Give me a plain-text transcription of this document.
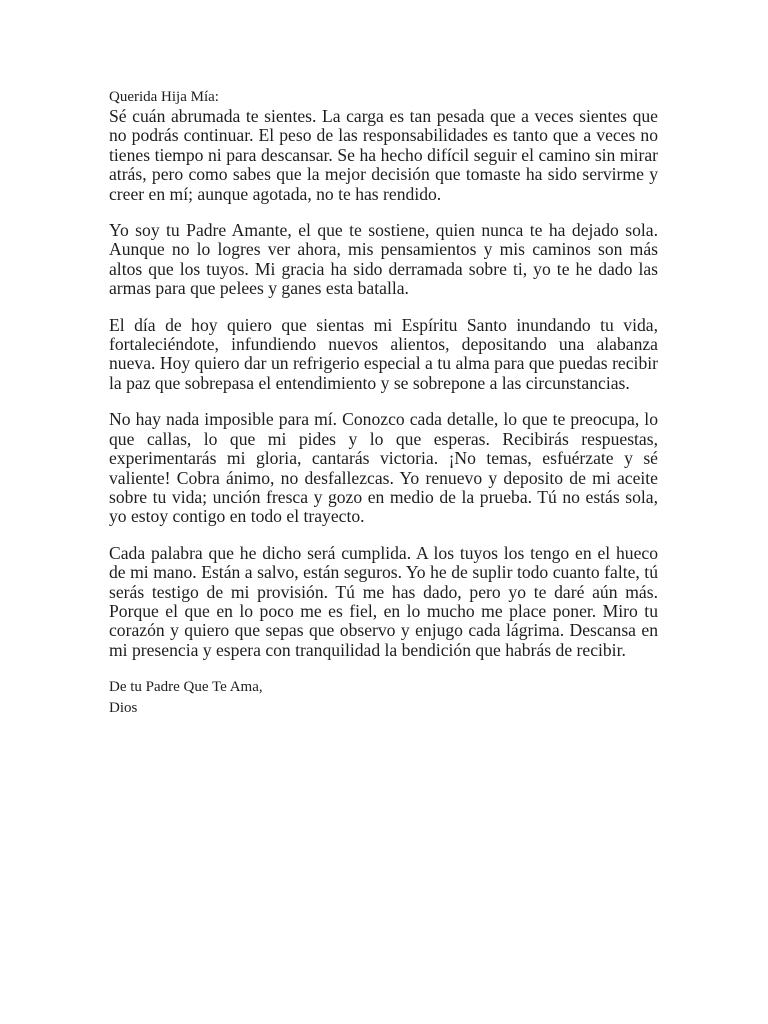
Querida Hija Mía:

Sé cuán abrumada te sientes. La carga es tan pesada que a veces sientes que no podrás continuar. El peso de las responsabilidades es tanto que a veces no tienes tiempo ni para descansar. Se ha hecho difícil seguir el camino sin mirar atrás, pero como sabes que la mejor decisión que tomaste ha sido servirme y creer en mí; aunque agotada, no te has rendido.

Yo soy tu Padre Amante, el que te sostiene, quien nunca te ha dejado sola. Aunque no lo logres ver ahora, mis pensamientos y mis caminos son más altos que los tuyos. Mi gracia ha sido derramada sobre ti, yo te he dado las armas para que pelees y ganes esta batalla.

El día de hoy quiero que sientas mi Espíritu Santo inundando tu vida, fortaleciéndote, infundiendo nuevos alientos, depositando una alabanza nueva. Hoy quiero dar un refrigerio especial a tu alma para que puedas recibir la paz que sobrepasa el entendimiento y se sobrepone a las circunstancias.

No hay nada imposible para mí. Conozco cada detalle, lo que te preocupa, lo que callas, lo que mi pides y lo que esperas. Recibirás respuestas, experimentarás mi gloria, cantarás victoria. ¡No temas, esfuérzate y sé valiente! Cobra ánimo, no desfallezcas. Yo renuevo y deposito de mi aceite sobre tu vida; unción fresca y gozo en medio de la prueba. Tú no estás sola, yo estoy contigo en todo el trayecto.

Cada palabra que he dicho será cumplida. A los tuyos los tengo en el hueco de mi mano. Están a salvo, están seguros. Yo he de suplir todo cuanto falte, tú serás testigo de mi provisión. Tú me has dado, pero yo te daré aún más. Porque el que en lo poco me es fiel, en lo mucho me place poner. Miro tu corazón y quiero que sepas que observo y enjugo cada lágrima. Descansa en mi presencia y espera con tranquilidad la bendición que habrás de recibir.

De tu Padre Que Te Ama,

Dios
